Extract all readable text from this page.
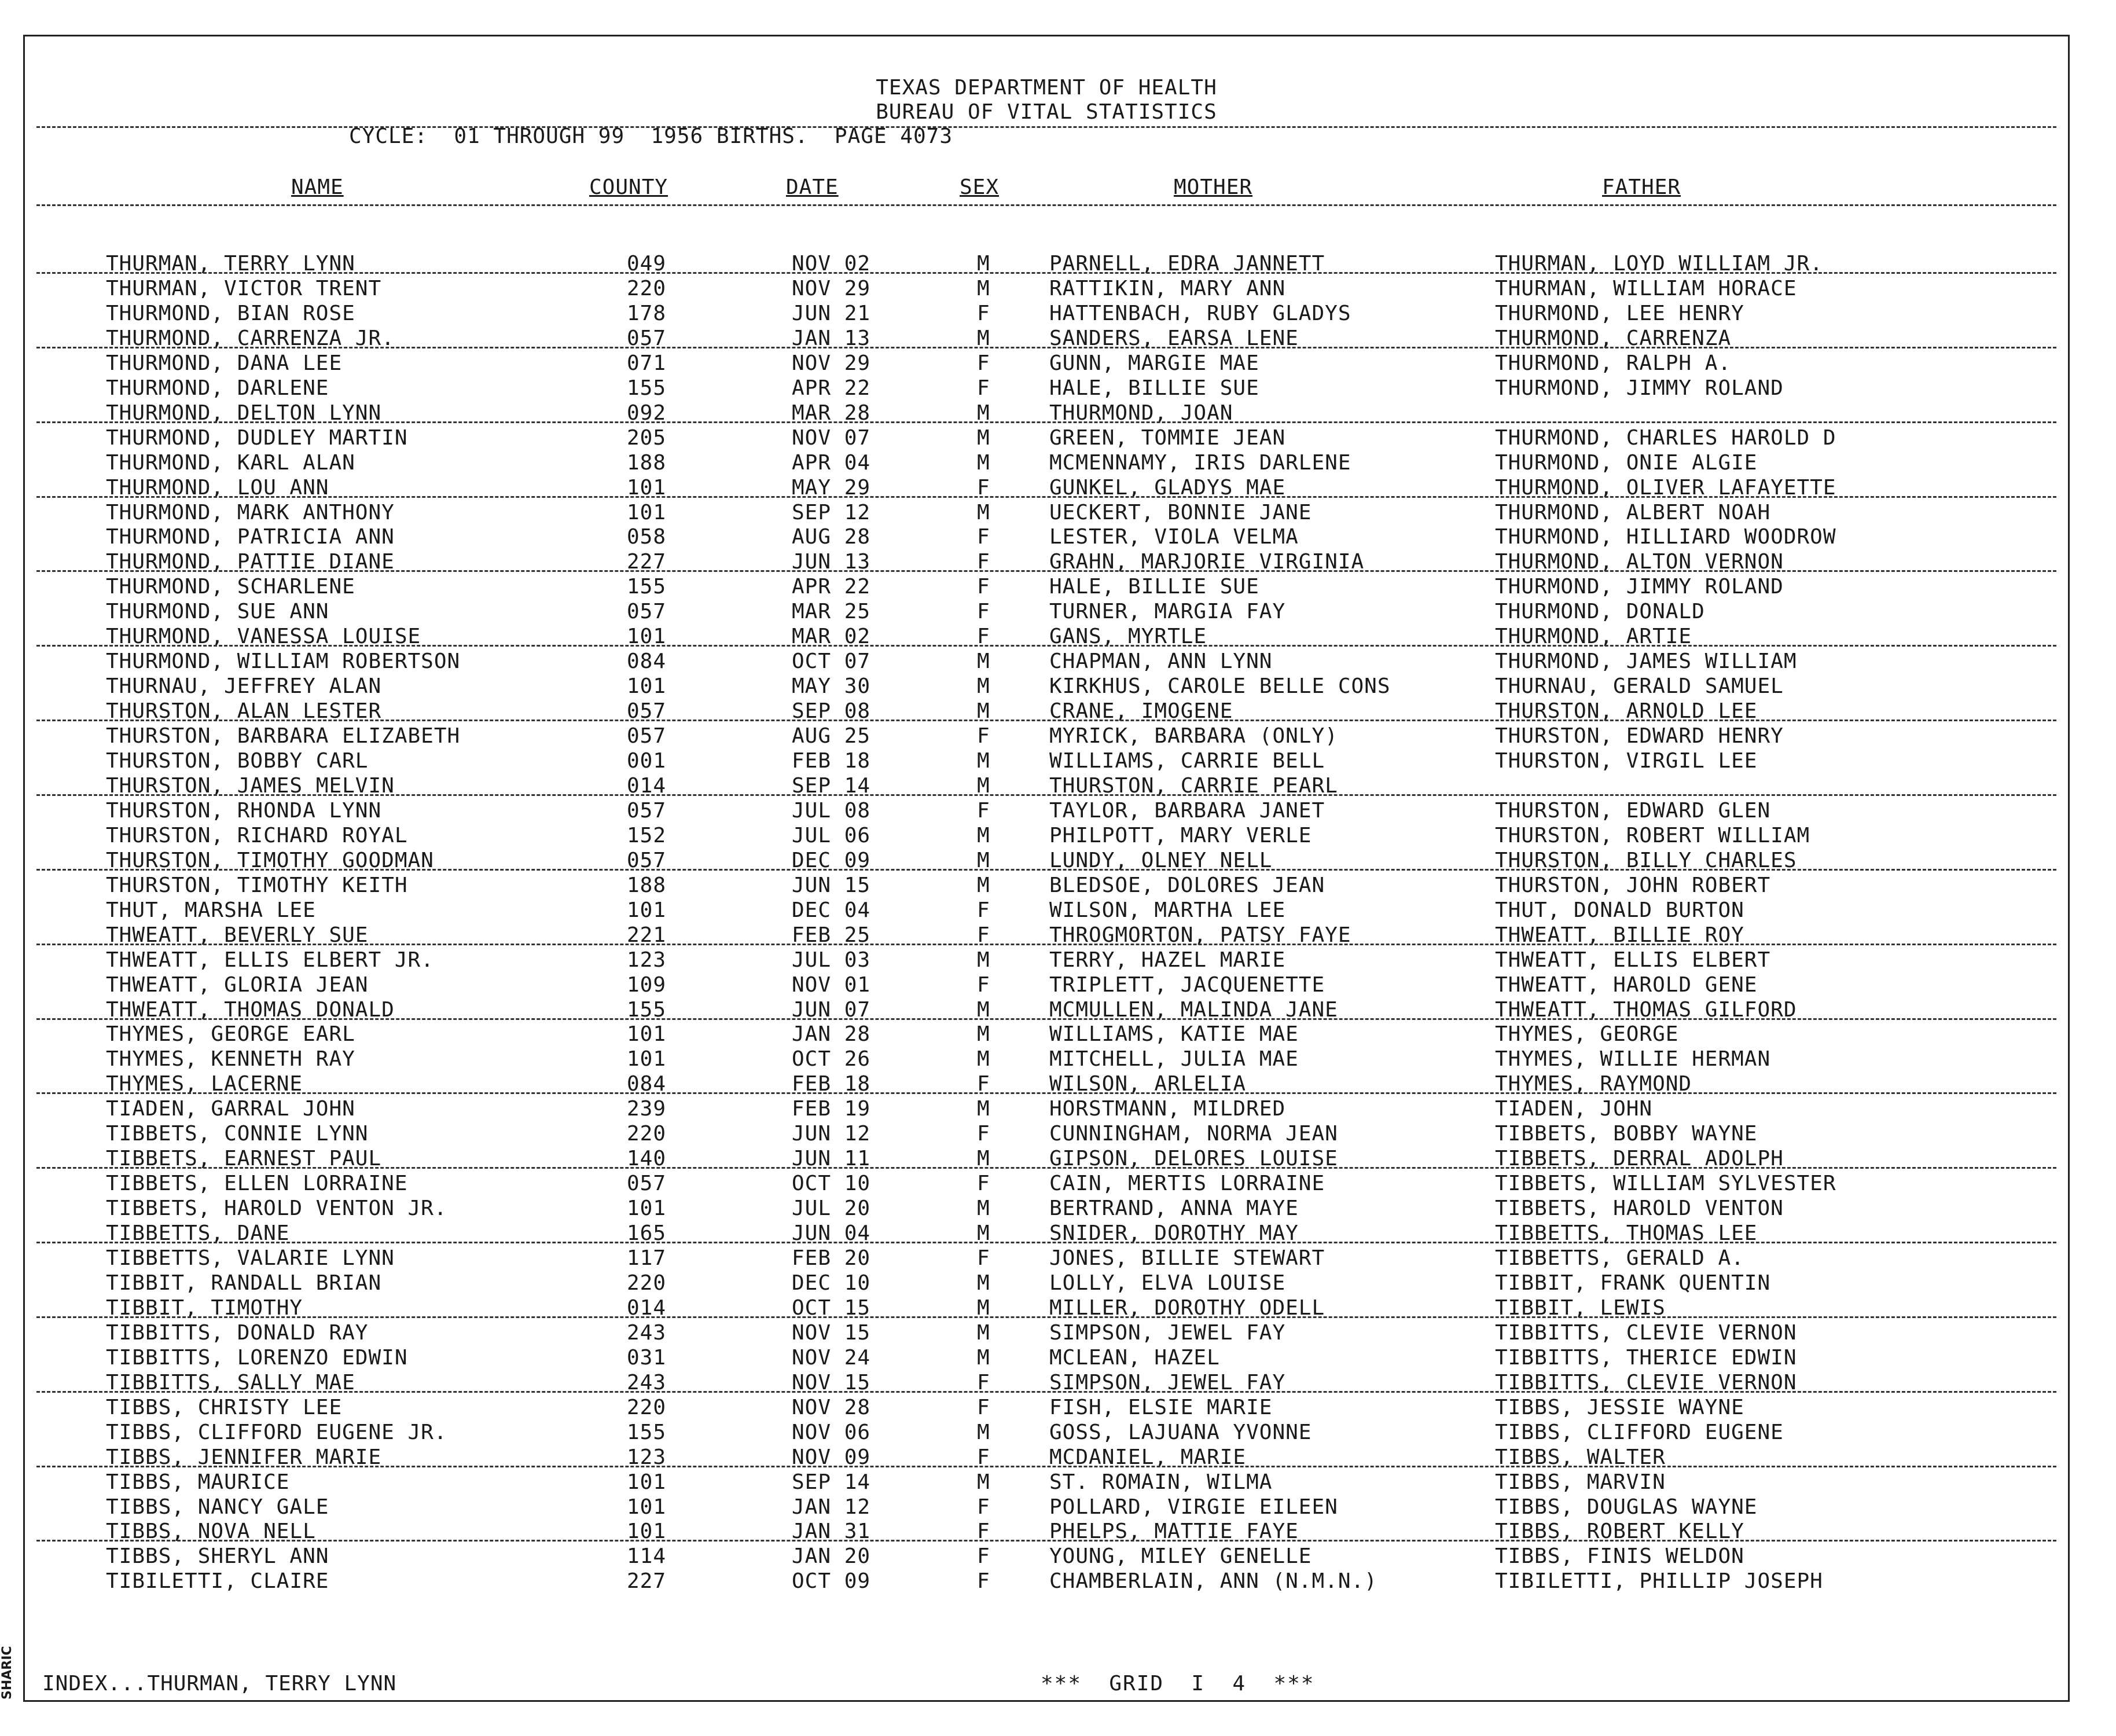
TEXAS DEPARTMENT OF HEALTH
BUREAU OF VITAL STATISTICS
CYCLE:  01 THROUGH 99  1956 BIRTHS.  PAGE 4073
NAME	COUNTY	DATE	SEX	MOTHER	FATHER
THURMAN, TERRY LYNN	049	NOV 02	M	PARNELL, EDRA JANNETT	THURMAN, LOYD WILLIAM JR.
THURMAN, VICTOR TRENT	220	NOV 29	M	RATTIKIN, MARY ANN	THURMAN, WILLIAM HORACE
THURMOND, BIAN ROSE	178	JUN 21	F	HATTENBACH, RUBY GLADYS	THURMOND, LEE HENRY
THURMOND, CARRENZA JR.	057	JAN 13	M	SANDERS, EARSA LENE	THURMOND, CARRENZA
THURMOND, DANA LEE	071	NOV 29	F	GUNN, MARGIE MAE	THURMOND, RALPH A.
THURMOND, DARLENE	155	APR 22	F	HALE, BILLIE SUE	THURMOND, JIMMY ROLAND
THURMOND, DELTON LYNN	092	MAR 28	M	THURMOND, JOAN
THURMOND, DUDLEY MARTIN	205	NOV 07	M	GREEN, TOMMIE JEAN	THURMOND, CHARLES HAROLD D
THURMOND, KARL ALAN	188	APR 04	M	MCMENNAMY, IRIS DARLENE	THURMOND, ONIE ALGIE
THURMOND, LOU ANN	101	MAY 29	F	GUNKEL, GLADYS MAE	THURMOND, OLIVER LAFAYETTE
THURMOND, MARK ANTHONY	101	SEP 12	M	UECKERT, BONNIE JANE	THURMOND, ALBERT NOAH
THURMOND, PATRICIA ANN	058	AUG 28	F	LESTER, VIOLA VELMA	THURMOND, HILLIARD WOODROW
THURMOND, PATTIE DIANE	227	JUN 13	F	GRAHN, MARJORIE VIRGINIA	THURMOND, ALTON VERNON
THURMOND, SCHARLENE	155	APR 22	F	HALE, BILLIE SUE	THURMOND, JIMMY ROLAND
THURMOND, SUE ANN	057	MAR 25	F	TURNER, MARGIA FAY	THURMOND, DONALD
THURMOND, VANESSA LOUISE	101	MAR 02	F	GANS, MYRTLE	THURMOND, ARTIE
THURMOND, WILLIAM ROBERTSON	084	OCT 07	M	CHAPMAN, ANN LYNN	THURMOND, JAMES WILLIAM
THURNAU, JEFFREY ALAN	101	MAY 30	M	KIRKHUS, CAROLE BELLE CONS	THURNAU, GERALD SAMUEL
THURSTON, ALAN LESTER	057	SEP 08	M	CRANE, IMOGENE	THURSTON, ARNOLD LEE
THURSTON, BARBARA ELIZABETH	057	AUG 25	F	MYRICK, BARBARA (ONLY)	THURSTON, EDWARD HENRY
THURSTON, BOBBY CARL	001	FEB 18	M	WILLIAMS, CARRIE BELL	THURSTON, VIRGIL LEE
THURSTON, JAMES MELVIN	014	SEP 14	M	THURSTON, CARRIE PEARL
THURSTON, RHONDA LYNN	057	JUL 08	F	TAYLOR, BARBARA JANET	THURSTON, EDWARD GLEN
THURSTON, RICHARD ROYAL	152	JUL 06	M	PHILPOTT, MARY VERLE	THURSTON, ROBERT WILLIAM
THURSTON, TIMOTHY GOODMAN	057	DEC 09	M	LUNDY, OLNEY NELL	THURSTON, BILLY CHARLES
THURSTON, TIMOTHY KEITH	188	JUN 15	M	BLEDSOE, DOLORES JEAN	THURSTON, JOHN ROBERT
THUT, MARSHA LEE	101	DEC 04	F	WILSON, MARTHA LEE	THUT, DONALD BURTON
THWEATT, BEVERLY SUE	221	FEB 25	F	THROGMORTON, PATSY FAYE	THWEATT, BILLIE ROY
THWEATT, ELLIS ELBERT JR.	123	JUL 03	M	TERRY, HAZEL MARIE	THWEATT, ELLIS ELBERT
THWEATT, GLORIA JEAN	109	NOV 01	F	TRIPLETT, JACQUENETTE	THWEATT, HAROLD GENE
THWEATT, THOMAS DONALD	155	JUN 07	M	MCMULLEN, MALINDA JANE	THWEATT, THOMAS GILFORD
THYMES, GEORGE EARL	101	JAN 28	M	WILLIAMS, KATIE MAE	THYMES, GEORGE
THYMES, KENNETH RAY	101	OCT 26	M	MITCHELL, JULIA MAE	THYMES, WILLIE HERMAN
THYMES, LACERNE	084	FEB 18	F	WILSON, ARLELIA	THYMES, RAYMOND
TIADEN, GARRAL JOHN	239	FEB 19	M	HORSTMANN, MILDRED	TIADEN, JOHN
TIBBETS, CONNIE LYNN	220	JUN 12	F	CUNNINGHAM, NORMA JEAN	TIBBETS, BOBBY WAYNE
TIBBETS, EARNEST PAUL	140	JUN 11	M	GIPSON, DELORES LOUISE	TIBBETS, DERRAL ADOLPH
TIBBETS, ELLEN LORRAINE	057	OCT 10	F	CAIN, MERTIS LORRAINE	TIBBETS, WILLIAM SYLVESTER
TIBBETS, HAROLD VENTON JR.	101	JUL 20	M	BERTRAND, ANNA MAYE	TIBBETS, HAROLD VENTON
TIBBETTS, DANE	165	JUN 04	M	SNIDER, DOROTHY MAY	TIBBETTS, THOMAS LEE
TIBBETTS, VALARIE LYNN	117	FEB 20	F	JONES, BILLIE STEWART	TIBBETTS, GERALD A.
TIBBIT, RANDALL BRIAN	220	DEC 10	M	LOLLY, ELVA LOUISE	TIBBIT, FRANK QUENTIN
TIBBIT, TIMOTHY	014	OCT 15	M	MILLER, DOROTHY ODELL	TIBBIT, LEWIS
TIBBITTS, DONALD RAY	243	NOV 15	M	SIMPSON, JEWEL FAY	TIBBITTS, CLEVIE VERNON
TIBBITTS, LORENZO EDWIN	031	NOV 24	M	MCLEAN, HAZEL	TIBBITTS, THERICE EDWIN
TIBBITTS, SALLY MAE	243	NOV 15	F	SIMPSON, JEWEL FAY	TIBBITTS, CLEVIE VERNON
TIBBS, CHRISTY LEE	220	NOV 28	F	FISH, ELSIE MARIE	TIBBS, JESSIE WAYNE
TIBBS, CLIFFORD EUGENE JR.	155	NOV 06	M	GOSS, LAJUANA YVONNE	TIBBS, CLIFFORD EUGENE
TIBBS, JENNIFER MARIE	123	NOV 09	F	MCDANIEL, MARIE	TIBBS, WALTER
TIBBS, MAURICE	101	SEP 14	M	ST. ROMAIN, WILMA	TIBBS, MARVIN
TIBBS, NANCY GALE	101	JAN 12	F	POLLARD, VIRGIE EILEEN	TIBBS, DOUGLAS WAYNE
TIBBS, NOVA NELL	101	JAN 31	F	PHELPS, MATTIE FAYE	TIBBS, ROBERT KELLY
TIBBS, SHERYL ANN	114	JAN 20	F	YOUNG, MILEY GENELLE	TIBBS, FINIS WELDON
TIBILETTI, CLAIRE	227	OCT 09	F	CHAMBERLAIN, ANN (N.M.N.)	TIBILETTI, PHILLIP JOSEPH
INDEX...THURMAN, TERRY LYNN	***  GRID  I  4  ***
SHARIC
